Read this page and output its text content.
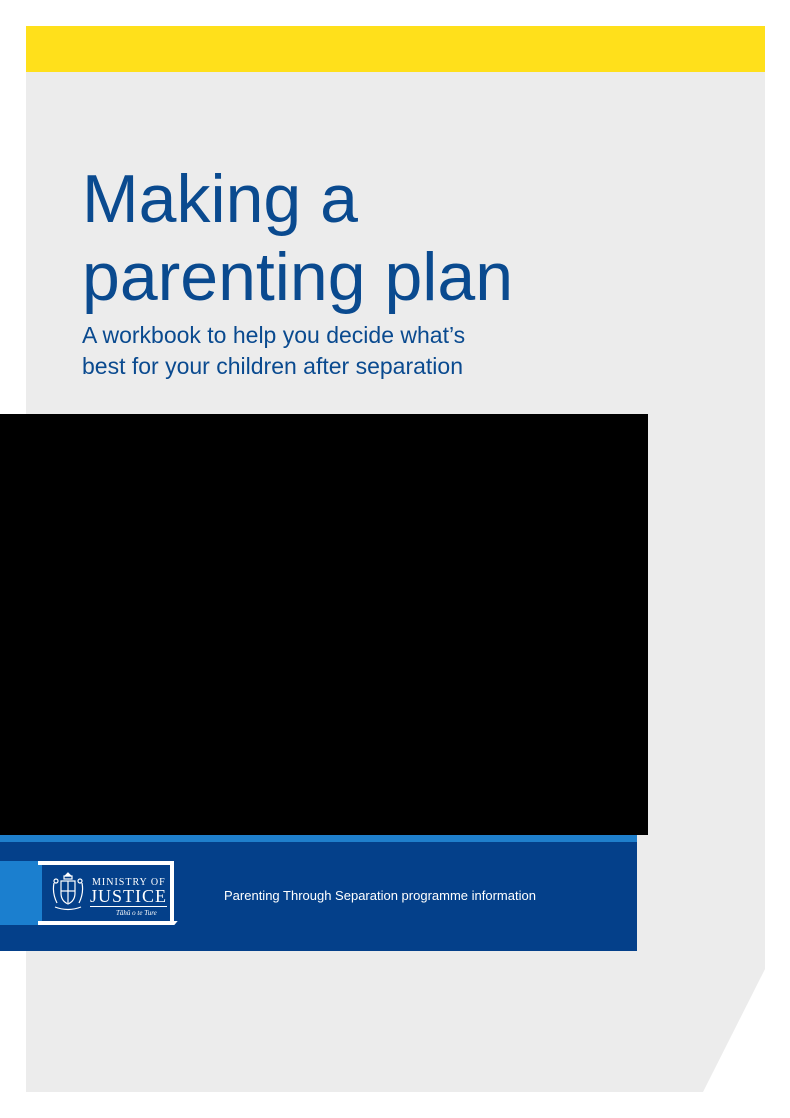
Making a
parenting plan

A workbook to help you decide what’s
best for your children after separation

MINISTRY OF
JUSTICE
Tāhū o te Ture
Parenting Through Separation programme information
